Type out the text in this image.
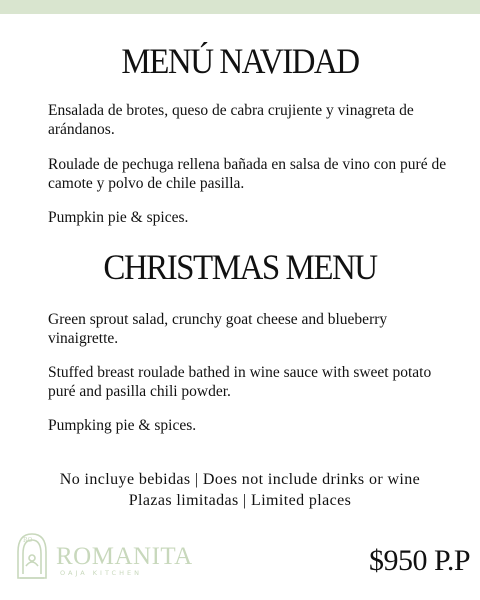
MENÚ NAVIDAD

Ensalada de brotes, queso de cabra crujiente y vinagreta de arándanos.

Roulade de pechuga rellena bañada en salsa de vino con puré de camote y polvo de chile pasilla.

Pumpkin pie & spices.

CHRISTMAS MENU

Green sprout salad, crunchy goat cheese and blueberry vinaigrette.

Stuffed breast roulade bathed in wine sauce with sweet potato puré and pasilla chili powder.

Pumpking pie & spices.

No incluye bebidas | Does not include drinks or wine

Plazas limitadas | Limited places

RO
ROMANITA
OAJA KITCHEN	$950 P.P
